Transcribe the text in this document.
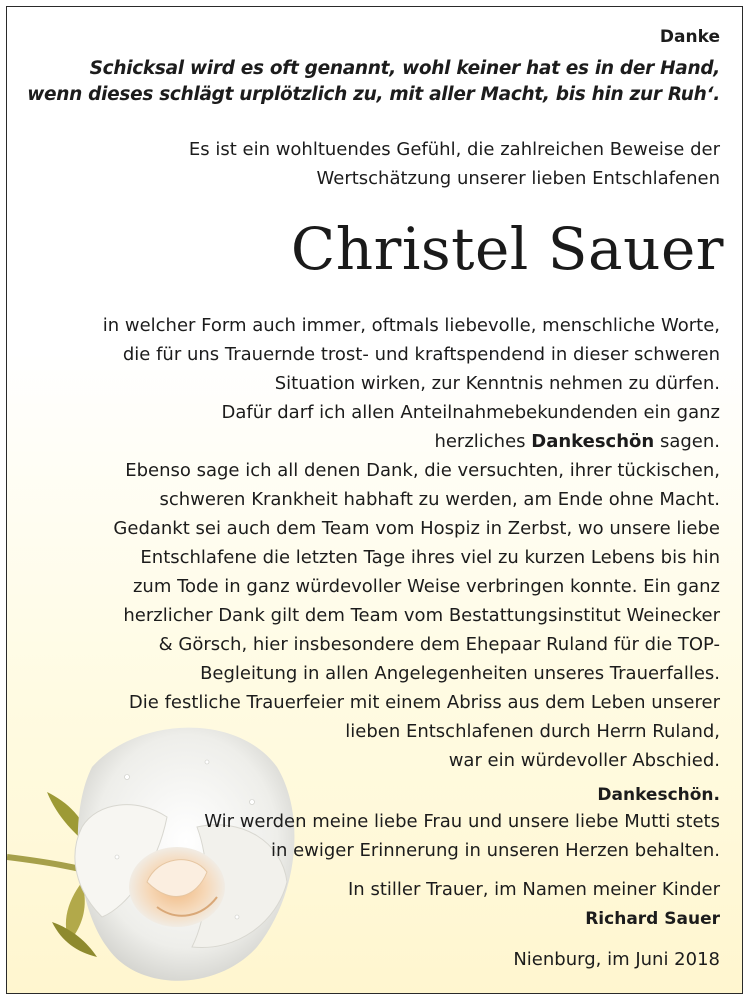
Danke
Schicksal wird es oft genannt, wohl keiner hat es in der Hand,
wenn dieses schlägt urplötzlich zu, mit aller Macht, bis hin zur Ruh‘.
Es ist ein wohltuendes Gefühl, die zahlreichen Beweise der
Wertschätzung unserer lieben Entschlafenen
Christel Sauer
in welcher Form auch immer, oftmals liebevolle, menschliche Worte,
die für uns Trauernde trost- und kraftspendend in dieser schweren
Situation wirken, zur Kenntnis nehmen zu dürfen.
Dafür darf ich allen Anteilnahmebekundenden ein ganz
herzliches Dankeschön sagen.
Ebenso sage ich all denen Dank, die versuchten, ihrer tückischen,
schweren Krankheit habhaft zu werden, am Ende ohne Macht.
Gedankt sei auch dem Team vom Hospiz in Zerbst, wo unsere liebe
Entschlafene die letzten Tage ihres viel zu kurzen Lebens bis hin
zum Tode in ganz würdevoller Weise verbringen konnte. Ein ganz
herzlicher Dank gilt dem Team vom Bestattungsinstitut Weinecker
& Görsch, hier insbesondere dem Ehepaar Ruland für die TOP-
Begleitung in allen Angelegenheiten unseres Trauerfalles.
Die festliche Trauerfeier mit einem Abriss aus dem Leben unserer
lieben Entschlafenen durch Herrn Ruland,
war ein würdevoller Abschied.
Dankeschön.
Wir werden meine liebe Frau und unsere liebe Mutti stets
in ewiger Erinnerung in unseren Herzen behalten.
In stiller Trauer, im Namen meiner Kinder
Richard Sauer
Nienburg, im Juni 2018
